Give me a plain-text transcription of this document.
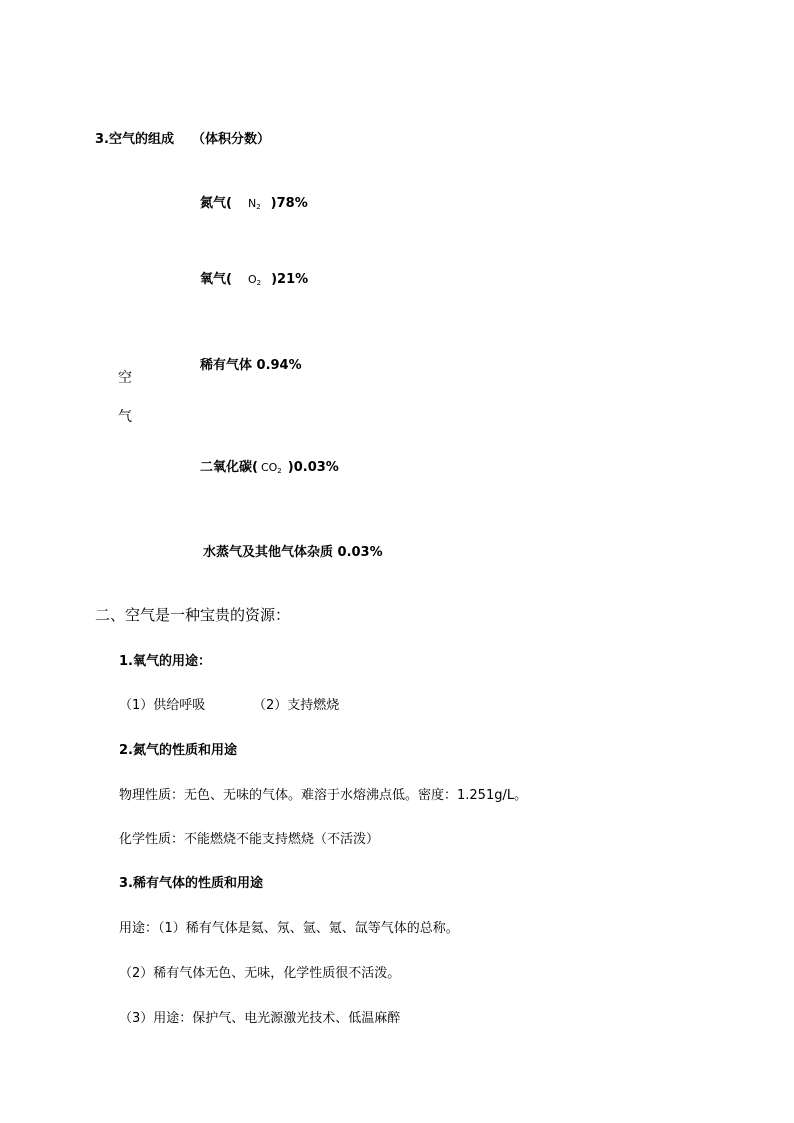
3.空气的组成 （体积分数）
氮气( $N_2$ )78%
氧气( $O_2$ )21%
稀有气体 0.94%
空
气
二氧化碳( $CO_2$ )0.03%
水蒸气及其他气体杂质 0.03%
二、空气是一种宝贵的资源：
1.氧气的用途：
（1）供给呼吸	（2）支持燃烧
2.氮气的性质和用途
物理性质：无色、无味的气体。难溶于水熔沸点低。密度：1.251g/L。
化学性质：不能燃烧不能支持燃烧（不活泼）
3.稀有气体的性质和用途
用途：（1）稀有气体是氦、氖、氩、氪、氙等气体的总称。
（2）稀有气体无色、无味，化学性质很不活泼。
（3）用途：保护气、电光源激光技术、低温麻醉
